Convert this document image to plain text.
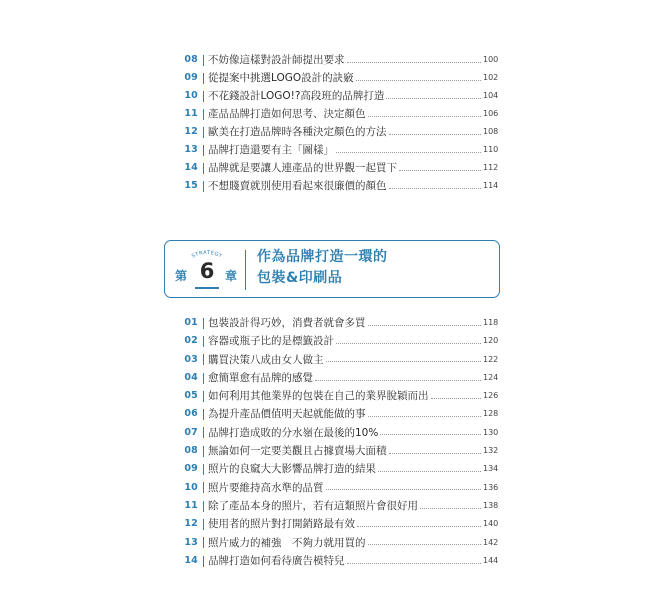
08 不妨像這樣對設計師提出要求	100
09 從提案中挑選LOGO設計的訣竅	102
10 不花錢設計LOGO!?高段班的品牌打造	104
11 產品品牌打造如何思考、決定顏色	106
12 歐美在打造品牌時各種決定顏色的方法	108
13 品牌打造還要有主「圖樣」	110
14 品牌就是要讓人連產品的世界觀一起買下	112
15 不想賤賣就別使用看起來很廉價的顏色	114
STRATEGY
第 6 章
作為品牌打造一環的
包裝&印刷品
01 包裝設計得巧妙，消費者就會多買	118
02 容器或瓶子比的是標籤設計	120
03 購買決策八成由女人做主	122
04 愈簡單愈有品牌的感覺	124
05 如何利用其他業界的包裝在自己的業界脫穎而出	126
06 為提升產品價值明天起就能做的事	128
07 品牌打造成敗的分水嶺在最後的10%	130
08 無論如何一定要美觀且占據賣場大面積	132
09 照片的良窳大大影響品牌打造的結果	134
10 照片要維持高水準的品質	136
11 除了產品本身的照片，若有這類照片會很好用	138
12 使用者的照片對打開銷路最有效	140
13 照片威力的補強　不夠力就用買的	142
14 品牌打造如何看待廣告模特兒	144
